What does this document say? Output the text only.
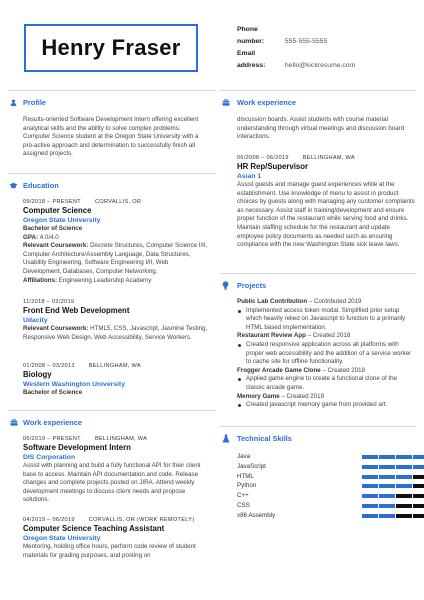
Henry Fraser
Phone number:	555-555-5555
Email address:	hello@kickresume.com
Profile
Results-oriented Software Development Intern offering excellent analytical skills and the ability to solve complex problems. Computer Science student at the Oregon State University with a pro-active approach and determination to successfully finish all assigned projects.
Education
09/2018 – PRESENT	CORVALLIS, OR
Computer Science
Oregon State University
Bachelor of Science
GPA: 4.0/4.0
Relevant Coursework: Discrete Structures, Computer Science I/II, Computer Architecture/Assembly Language, Data Structures, Usability Engineering, Software Engineering I/II, Web Development, Databases, Computer Networking.
Affiliations: Engineering Leadership Academy
11/2018 – 02/2019
Front End Web Development
Udacity
Relevant Coursework: HTML5, CSS, Javascript, Jasmine Testing, Responsive Web Design, Web Accessibility, Service Workers.
01/2008 – 03/2013	BELLINGHAM, WA
Biology
Western Washington University
Bachelor of Science
Work experience
06/2019 – PRESENT	BELLINGHAM, WA
Software Development Intern
DIS Corporation
Assist with planning and build a fully functional API for their client base to access. Maintain API documentation and code. Release changes and complete projects posted on JIRA. Attend weekly development meetings to discuss client needs and propose solutions.
04/2019 – 06/2019	CORVALLIS, OR (WORK REMOTELY)
Computer Science Teaching Assistant
Oregon State University
Mentoring, holding office hours, perform code review of student materials for grading purposes, and posting on
Work experience
discussion boards. Assist students with course material understanding through virtual meetings and discussion board interactions.
06/2008 – 06/2019	BELLINGHAM, WA
HR Rep/Supervisor
Asian 1
Assist guests and manage guest experiences while at the establishment. Use knowledge of menu to assist in product choices by guests along with managing any customer complaints as necessary. Assist staff in training/development and ensure proper function of the restaurant while serving food and drinks. Maintain staffing schedule for the restaurant and update employee policy documents as needed such as ensuring compliance with the new Washington State sick leave laws.
Projects
Public Lab Contribution – Contributed 2019
Implemented access token modal. Simplified prior setup which heavily relied on Javascript to function to a primarily HTML based implementation.
Restaurant Review App – Created 2018
Created responsive application across all platforms with proper web accessibility and the addition of a service worker to cache site for offline functionality.
Frogger Arcade Game Clone – Created 2018
Applied game engine to create a functional clone of the classic arcade game.
Memory Game – Created 2018
Created javascript memory game from provided art.
Technical Skills
Java
JavaScript
HTML
Python
C++
CSS
x86 Assembly
